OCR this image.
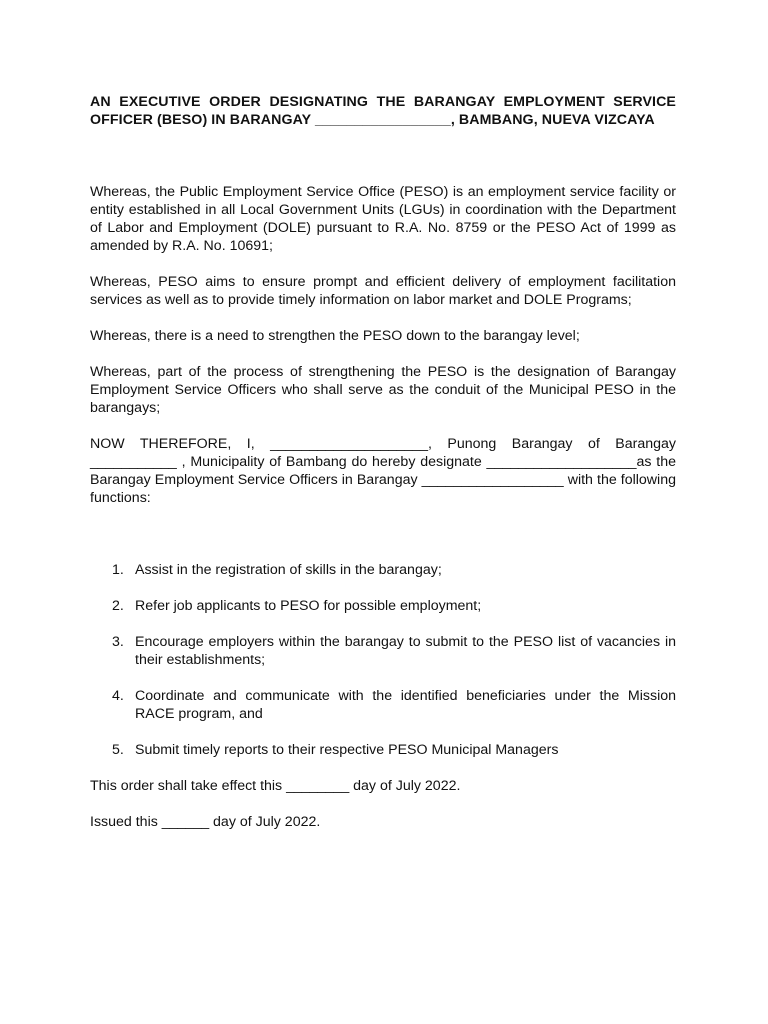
AN EXECUTIVE ORDER DESIGNATING THE BARANGAY EMPLOYMENT SERVICE OFFICER (BESO) IN BARANGAY _________________, BAMBANG, NUEVA VIZCAYA

Whereas, the Public Employment Service Office (PESO) is an employment service facility or entity established in all Local Government Units (LGUs) in coordination with the Department of Labor and Employment (DOLE) pursuant to R.A. No. 8759 or the PESO Act of 1999 as amended by R.A. No. 10691;

Whereas, PESO aims to ensure prompt and efficient delivery of employment facilitation services as well as to provide timely information on labor market and DOLE Programs;

Whereas, there is a need to strengthen the PESO down to the barangay level;

Whereas, part of the process of strengthening the PESO is the designation of Barangay Employment Service Officers who shall serve as the conduit of the Municipal PESO in the barangays;

NOW THEREFORE, I, ____________________, Punong Barangay of Barangay ___________ , Municipality of Bambang do hereby designate ___________________as the Barangay Employment Service Officers in Barangay __________________ with the following functions:

1. Assist in the registration of skills in the barangay;
2. Refer job applicants to PESO for possible employment;
3. Encourage employers within the barangay to submit to the PESO list of vacancies in their establishments;
4. Coordinate and communicate with the identified beneficiaries under the Mission RACE program, and
5. Submit timely reports to their respective PESO Municipal Managers

This order shall take effect this ________ day of July 2022.

Issued this ______ day of July 2022.
